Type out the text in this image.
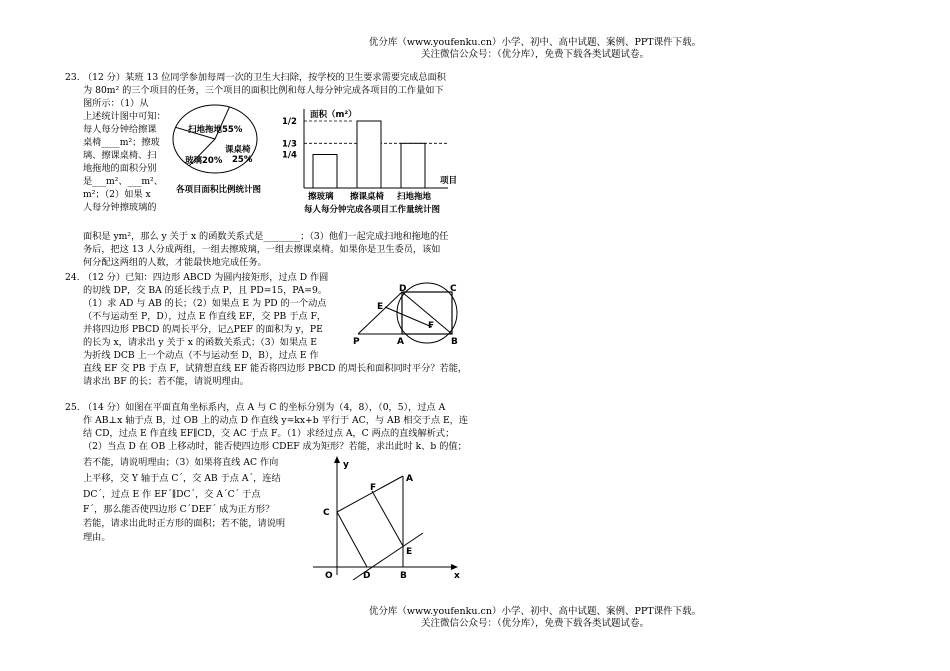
优分库（www.youfenku.cn）小学、初中、高中试题、案例、PPT课件下载。
关注微信公众号：（优分库），免费下载各类试题试卷。
23. （12 分）某班 13 位同学参加每周一次的卫生大扫除，按学校的卫生要求需要完成总面积
为 80m² 的三个项目的任务，三个项目的面积比例和每人每分钟完成各项目的工作量如下
图所示：（1）从
上述统计图中可知：
每人每分钟给擦课
桌椅____m²；擦玻
璃、擦课桌椅、扫
地拖地的面积分别
是___m²、___m²、
m²；（2）如果 x
人每分钟擦玻璃的
面积是 ym²，那么 y 关于 x 的函数关系式是________；（3）他们一起完成扫地和拖地的任
务后，把这 13 人分成两组，一组去擦玻璃，一组去擦课桌椅。如果你是卫生委员，该如
何分配这两组的人数，才能最快地完成任务。
扫地拖地55%
玻璃20%
课桌椅
25%
各项目面积比例统计图
面积（m²）
1/2
1/3
1/4
擦玻璃 擦课桌椅 扫地拖地
项目
每人每分钟完成各项目工作量统计图
24. （12 分）已知：四边形 ABCD 为圆内接矩形，过点 D 作圆
的切线 DP，交 BA 的延长线于点 P，且 PD=15，PA=9。
（1）求 AD 与 AB 的长；（2）如果点 E 为 PD 的一个动点
（不与运动至 P，D），过点 E 作直线 EF，交 PB 于点 F，
并将四边形 PBCD 的周长平分，记△PEF 的面积为 y，PE
的长为 x，请求出 y 关于 x 的函数关系式；（3）如果点 E
为折线 DCB 上一个动点（不与运动至 D，B），过点 E 作
直线 EF 交 PB 于点 F，试猜想直线 EF 能否将四边形 PBCD 的周长和面积同时平分？若能，
请求出 BF 的长；若不能，请说明理由。
D	C
E
F
P	A	B
25. （14 分）如图在平面直角坐标系内，点 A 与 C 的坐标分别为（4，8），（0，5），过点 A
作 AB⊥x 轴于点 B，过 OB 上的动点 D 作直线 y=kx+b 平行于 AC，与 AB 相交于点 E，连
结 CD，过点 E 作直线 EF∥CD，交 AC 于点 F。（1）求经过点 A，C 两点的直线解析式；
（2）当点 D 在 OB 上移动时，能否使四边形 CDEF 成为矩形？若能，求出此时 k、b 的值；
若不能，请说明理由；（3）如果将直线 AC 作向
上平移，交 Y 轴于点 C´，交 AB 于点 A´，连结
DC´，过点 E 作 EF´∥DC´，交 A´C´ 于点
F´，那么能否使四边形 C´DEF´ 成为正方形？
若能，请求出此时正方形的面积；若不能，请说明
理由。
y
x
A
F
C
E
O	D	B
优分库（www.youfenku.cn）小学、初中、高中试题、案例、PPT课件下载。
关注微信公众号：（优分库），免费下载各类试题试卷。
